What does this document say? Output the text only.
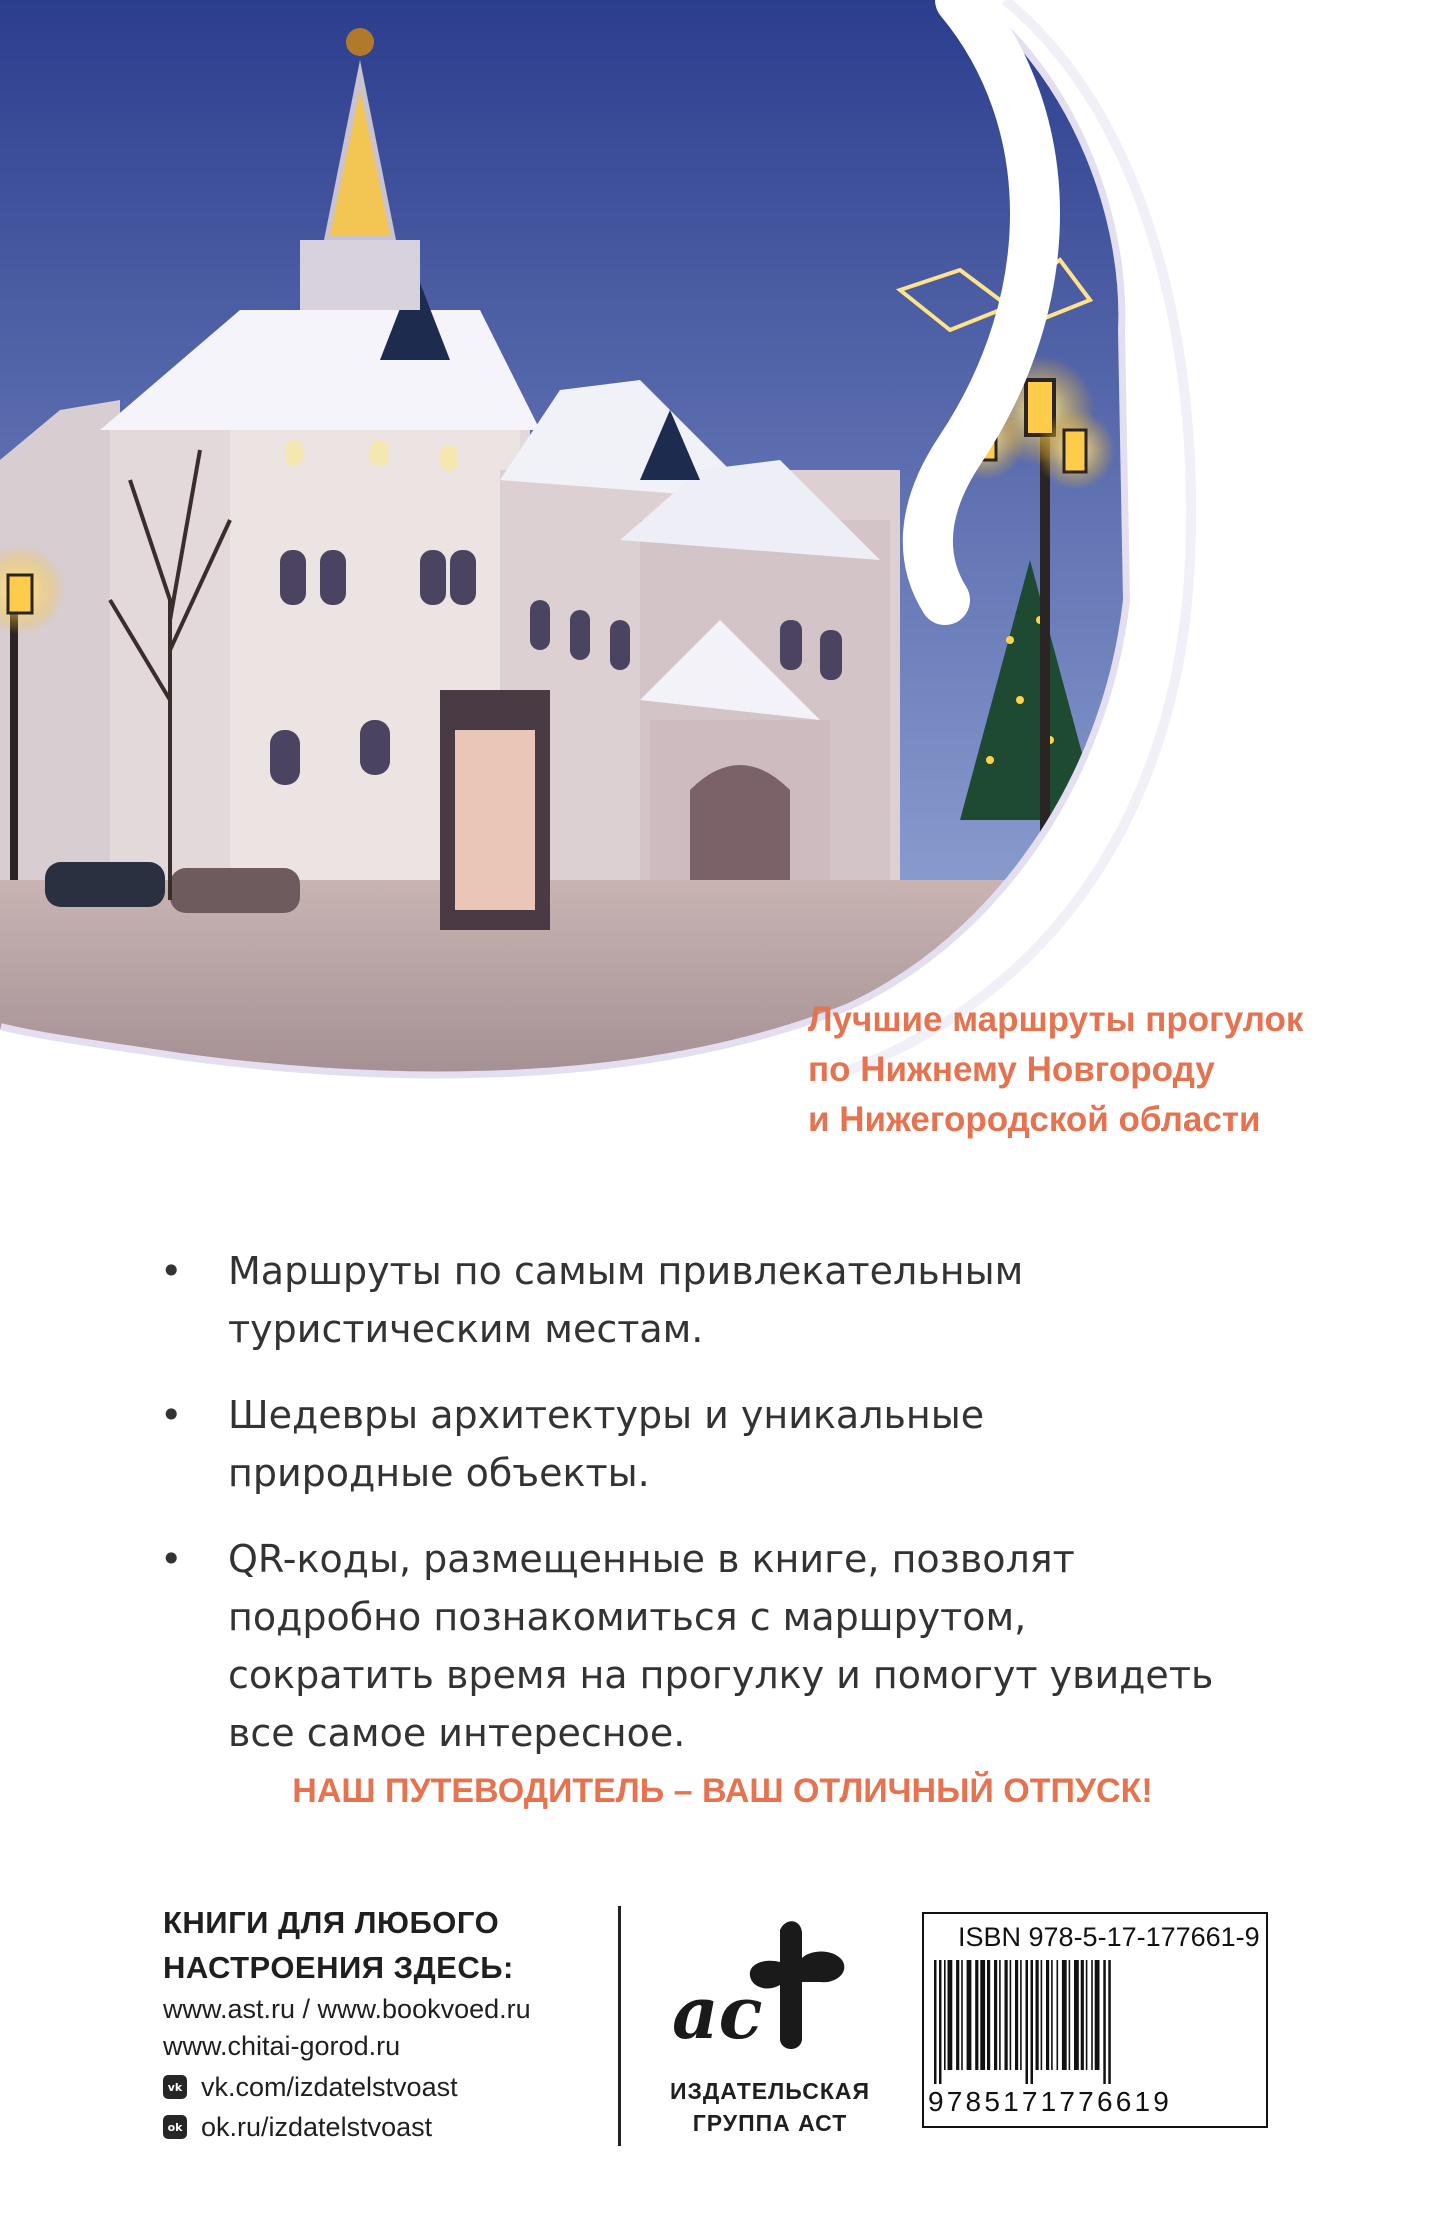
Лучшие маршруты прогулок
по Нижнему Новгороду
и Нижегородской области
• Маршруты по самым привлекательным
туристическим местам.
• Шедевры архитектуры и уникальные
природные объекты.
• QR-коды, размещенные в книге, позволят
подробно познакомиться с маршрутом,
сократить время на прогулку и помогут увидеть
все самое интересное.
НАШ ПУТЕВОДИТЕЛЬ – ВАШ ОТЛИЧНЫЙ ОТПУСК!
КНИГИ ДЛЯ ЛЮБОГО
НАСТРОЕНИЯ ЗДЕСЬ:
www.ast.ru / www.bookvoed.ru
www.chitai-gorod.ru
vk vk.com/izdatelstvoast
ok ok.ru/izdatelstvoast
ac
ИЗДАТЕЛЬСКАЯ
ГРУППА АСТ
ISBN 978-5-17-177661-9
9785171776619
